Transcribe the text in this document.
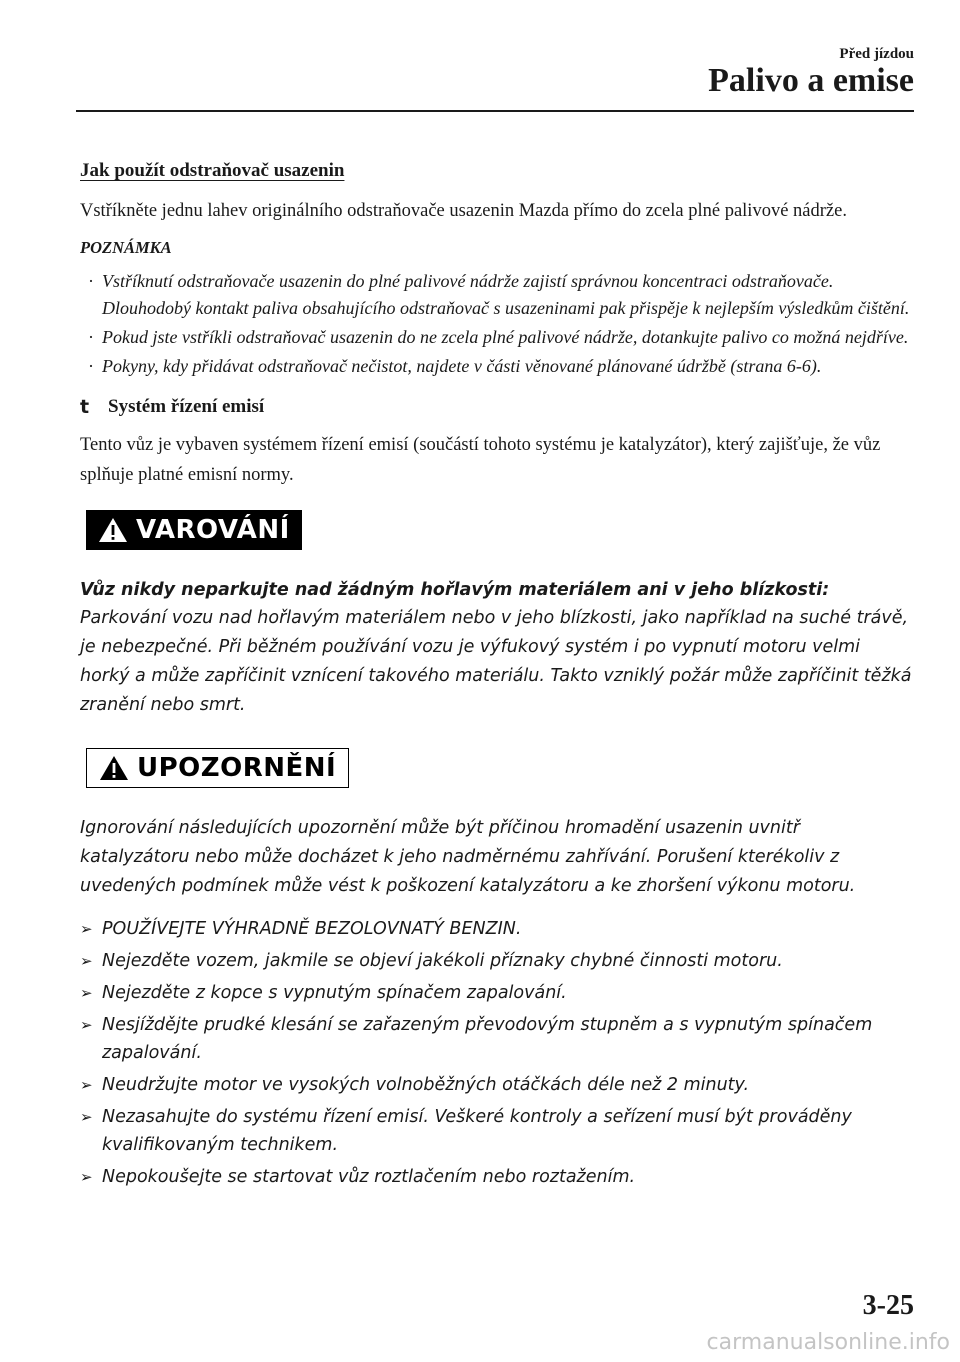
Před jízdou
Palivo a emise
Jak použít odstraňovač usazenin

Vstříkněte jednu lahev originálního odstraňovače usazenin Mazda přímo do zcela plné palivové nádrže.

POZNÁMKA
· Vstříknutí odstraňovače usazenin do plné palivové nádrže zajistí správnou koncentraci odstraňovače. Dlouhodobý kontakt paliva obsahujícího odstraňovač s usazeninami pak přispěje k nejlepším výsledkům čištění.
· Pokud jste vstříkli odstraňovač usazenin do ne zcela plné palivové nádrže, dotankujte palivo co možná nejdříve.
· Pokyny, kdy přidávat odstraňovač nečistot, najdete v části věnované plánované údržbě (strana 6-6).
t Systém řízení emisí

Tento vůz je vybaven systémem řízení emisí (součástí tohoto systému je katalyzátor), který zajišťuje, že vůz splňuje platné emisní normy.

VAROVÁNÍ

Vůz nikdy neparkujte nad žádným hořlavým materiálem ani v jeho blízkosti:

Parkování vozu nad hořlavým materiálem nebo v jeho blízkosti, jako například na suché trávě, je nebezpečné. Při běžném používání vozu je výfukový systém i po vypnutí motoru velmi horký a může zapříčinit vznícení takového materiálu. Takto vzniklý požár může zapříčinit těžká zranění nebo smrt.

UPOZORNĚNÍ

Ignorování následujících upozornění může být příčinou hromadění usazenin uvnitř katalyzátoru nebo může docházet k jeho nadměrnému zahřívání. Porušení kterékoliv z uvedených podmínek může vést k poškození katalyzátoru a ke zhoršení výkonu motoru.

➢ POUŽÍVEJTE VÝHRADNĚ BEZOLOVNATÝ BENZIN.
➢ Nejezděte vozem, jakmile se objeví jakékoli příznaky chybné činnosti motoru.
➢ Nejezděte z kopce s vypnutým spínačem zapalování.
➢ Nesjíždějte prudké klesání se zařazeným převodovým stupněm a s vypnutým spínačem zapalování.
➢ Neudržujte motor ve vysokých volnoběžných otáčkách déle než 2 minuty.
➢ Nezasahujte do systému řízení emisí. Veškeré kontroly a seřízení musí být prováděny kvalifikovaným technikem.
➢ Nepokoušejte se startovat vůz roztlačením nebo roztažením.
3-25
carmanualsonline.info
